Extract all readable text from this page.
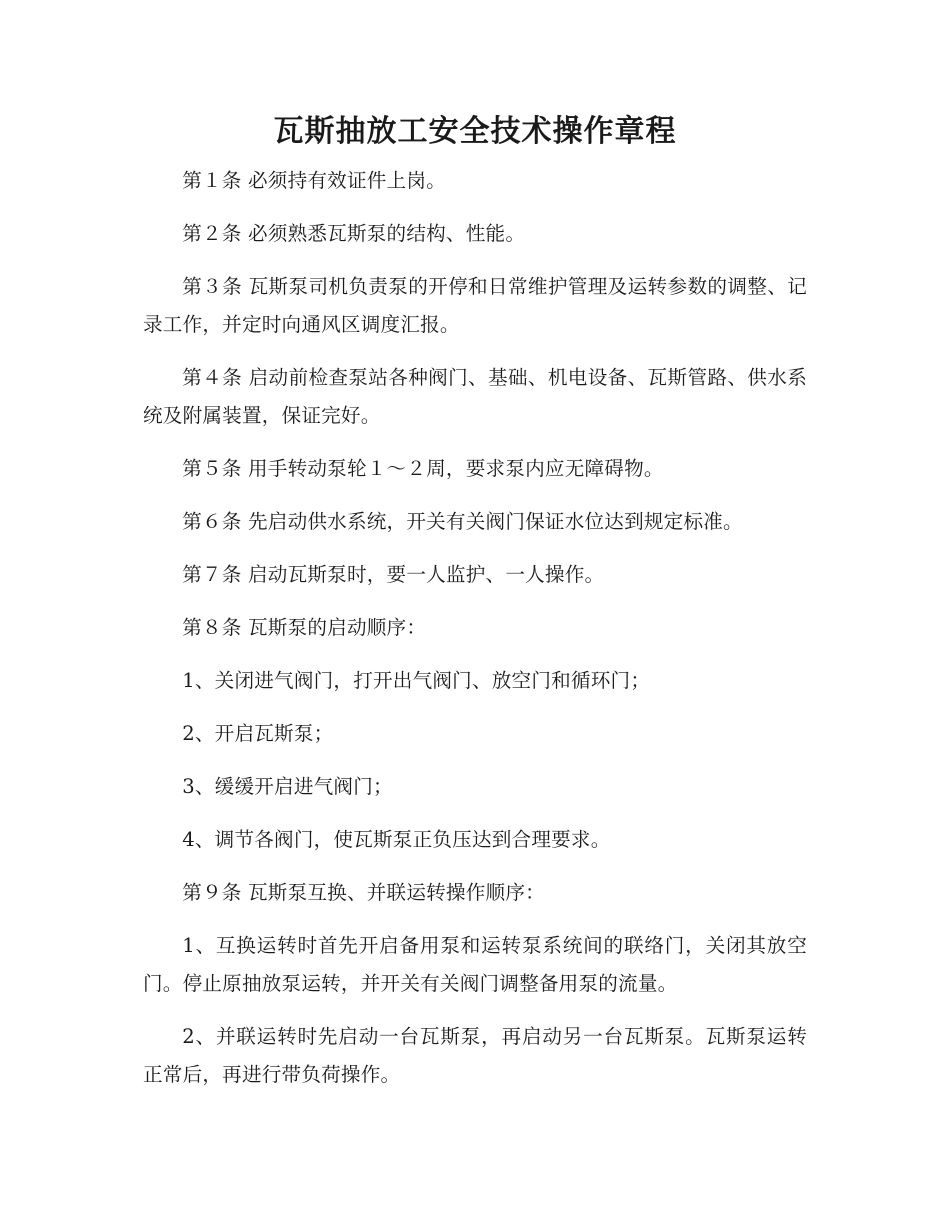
瓦斯抽放工安全技术操作章程

第１条 必须持有效证件上岗。

第２条 必须熟悉瓦斯泵的结构、性能。

第３条 瓦斯泵司机负责泵的开停和日常维护管理及运转参数的调整、记录工作，并定时向通风区调度汇报。

第４条 启动前检查泵站各种阀门、基础、机电设备、瓦斯管路、供水系统及附属装置，保证完好。

第５条 用手转动泵轮１～２周，要求泵内应无障碍物。

第６条 先启动供水系统，开关有关阀门保证水位达到规定标准。

第７条 启动瓦斯泵时，要一人监护、一人操作。

第８条 瓦斯泵的启动顺序：

1、关闭进气阀门，打开出气阀门、放空门和循环门；

2、开启瓦斯泵；

3、缓缓开启进气阀门；

4、调节各阀门，使瓦斯泵正负压达到合理要求。

第９条 瓦斯泵互换、并联运转操作顺序：

1、互换运转时首先开启备用泵和运转泵系统间的联络门，关闭其放空门。停止原抽放泵运转，并开关有关阀门调整备用泵的流量。

2、并联运转时先启动一台瓦斯泵，再启动另一台瓦斯泵。瓦斯泵运转正常后，再进行带负荷操作。
